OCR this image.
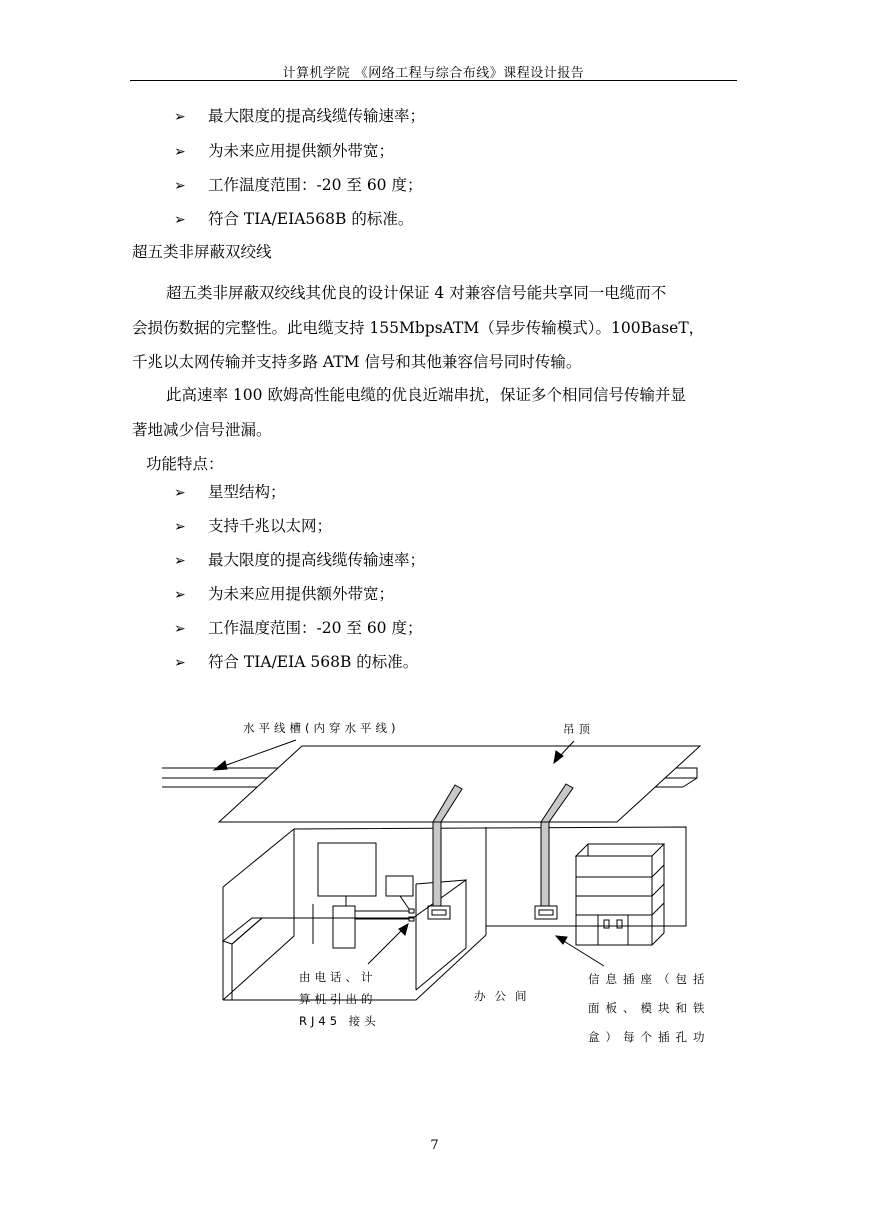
计算机学院 《网络工程与综合布线》课程设计报告
➢ 最大限度的提高线缆传输速率；
➢ 为未来应用提供额外带宽；
➢ 工作温度范围：-20 至 60 度；
➢ 符合 TIA/EIA568B 的标准。
超五类非屏蔽双绞线
超五类非屏蔽双绞线其优良的设计保证 4 对兼容信号能共享同一电缆而不
会损伤数据的完整性。此电缆支持 155MbpsATM（异步传输模式）。100BaseT，
千兆以太网传输并支持多路 ATM 信号和其他兼容信号同时传输。
此高速率 100 欧姆高性能电缆的优良近端串扰，保证多个相同信号传输并显
著地减少信号泄漏。
功能特点：
➢ 星型结构；
➢ 支持千兆以太网；
➢ 最大限度的提高线缆传输速率；
➢ 为未来应用提供额外带宽；
➢ 工作温度范围：-20 至 60 度；
➢ 符合 TIA/EIA 568B 的标准。
水平线槽(内穿水平线)	吊顶
由电话、计
算机引出的
RJ45 接头
办公间
信息插座（包括
面板、模块和铁
盒）每个插孔功
7
